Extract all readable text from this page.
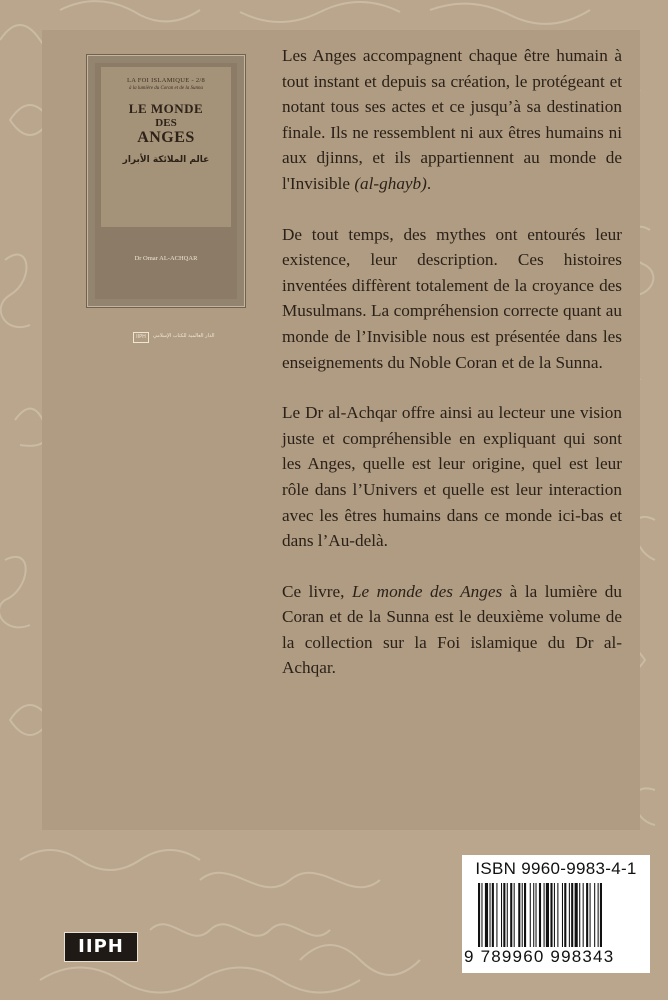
LA FOI ISLAMIQUE - 2/8
à la lumière du Coran et de la Sunna
LE MONDE
DES
ANGES
عالم الملائكة الأبرار
Dr Omar AL-ACHQAR
IIPH	الدار العالمية للكتاب الإسلامي

Les Anges accompagnent chaque être humain à tout instant et depuis sa création, le protégeant et notant tous ses actes et ce jusqu’à sa destination finale. Ils ne ressemblent ni aux êtres humains ni aux djinns, et ils appartiennent au monde de l'Invisible (al-ghayb).

De tout temps, des mythes ont entourés leur existence, leur description. Ces histoires inventées diffèrent totalement de la croyance des Musulmans. La compréhension correcte quant au monde de l’Invisible nous est présentée dans les enseignements du Noble Coran et de la Sunna.

Le Dr al-Achqar offre ainsi au lecteur une vision juste et compréhensible en expliquant qui sont les Anges, quelle est leur origine, quel est leur rôle dans l’Univers et quelle est leur interaction avec les êtres humains dans ce monde ici-bas et dans l’Au-delà.

Ce livre, Le monde des Anges à la lumière du Coran et de la Sunna est le deuxième volume de la collection sur la Foi islamique du Dr al-Achqar.

ISBN 9960-9983-4-1
9 789960 998343
IIPH
